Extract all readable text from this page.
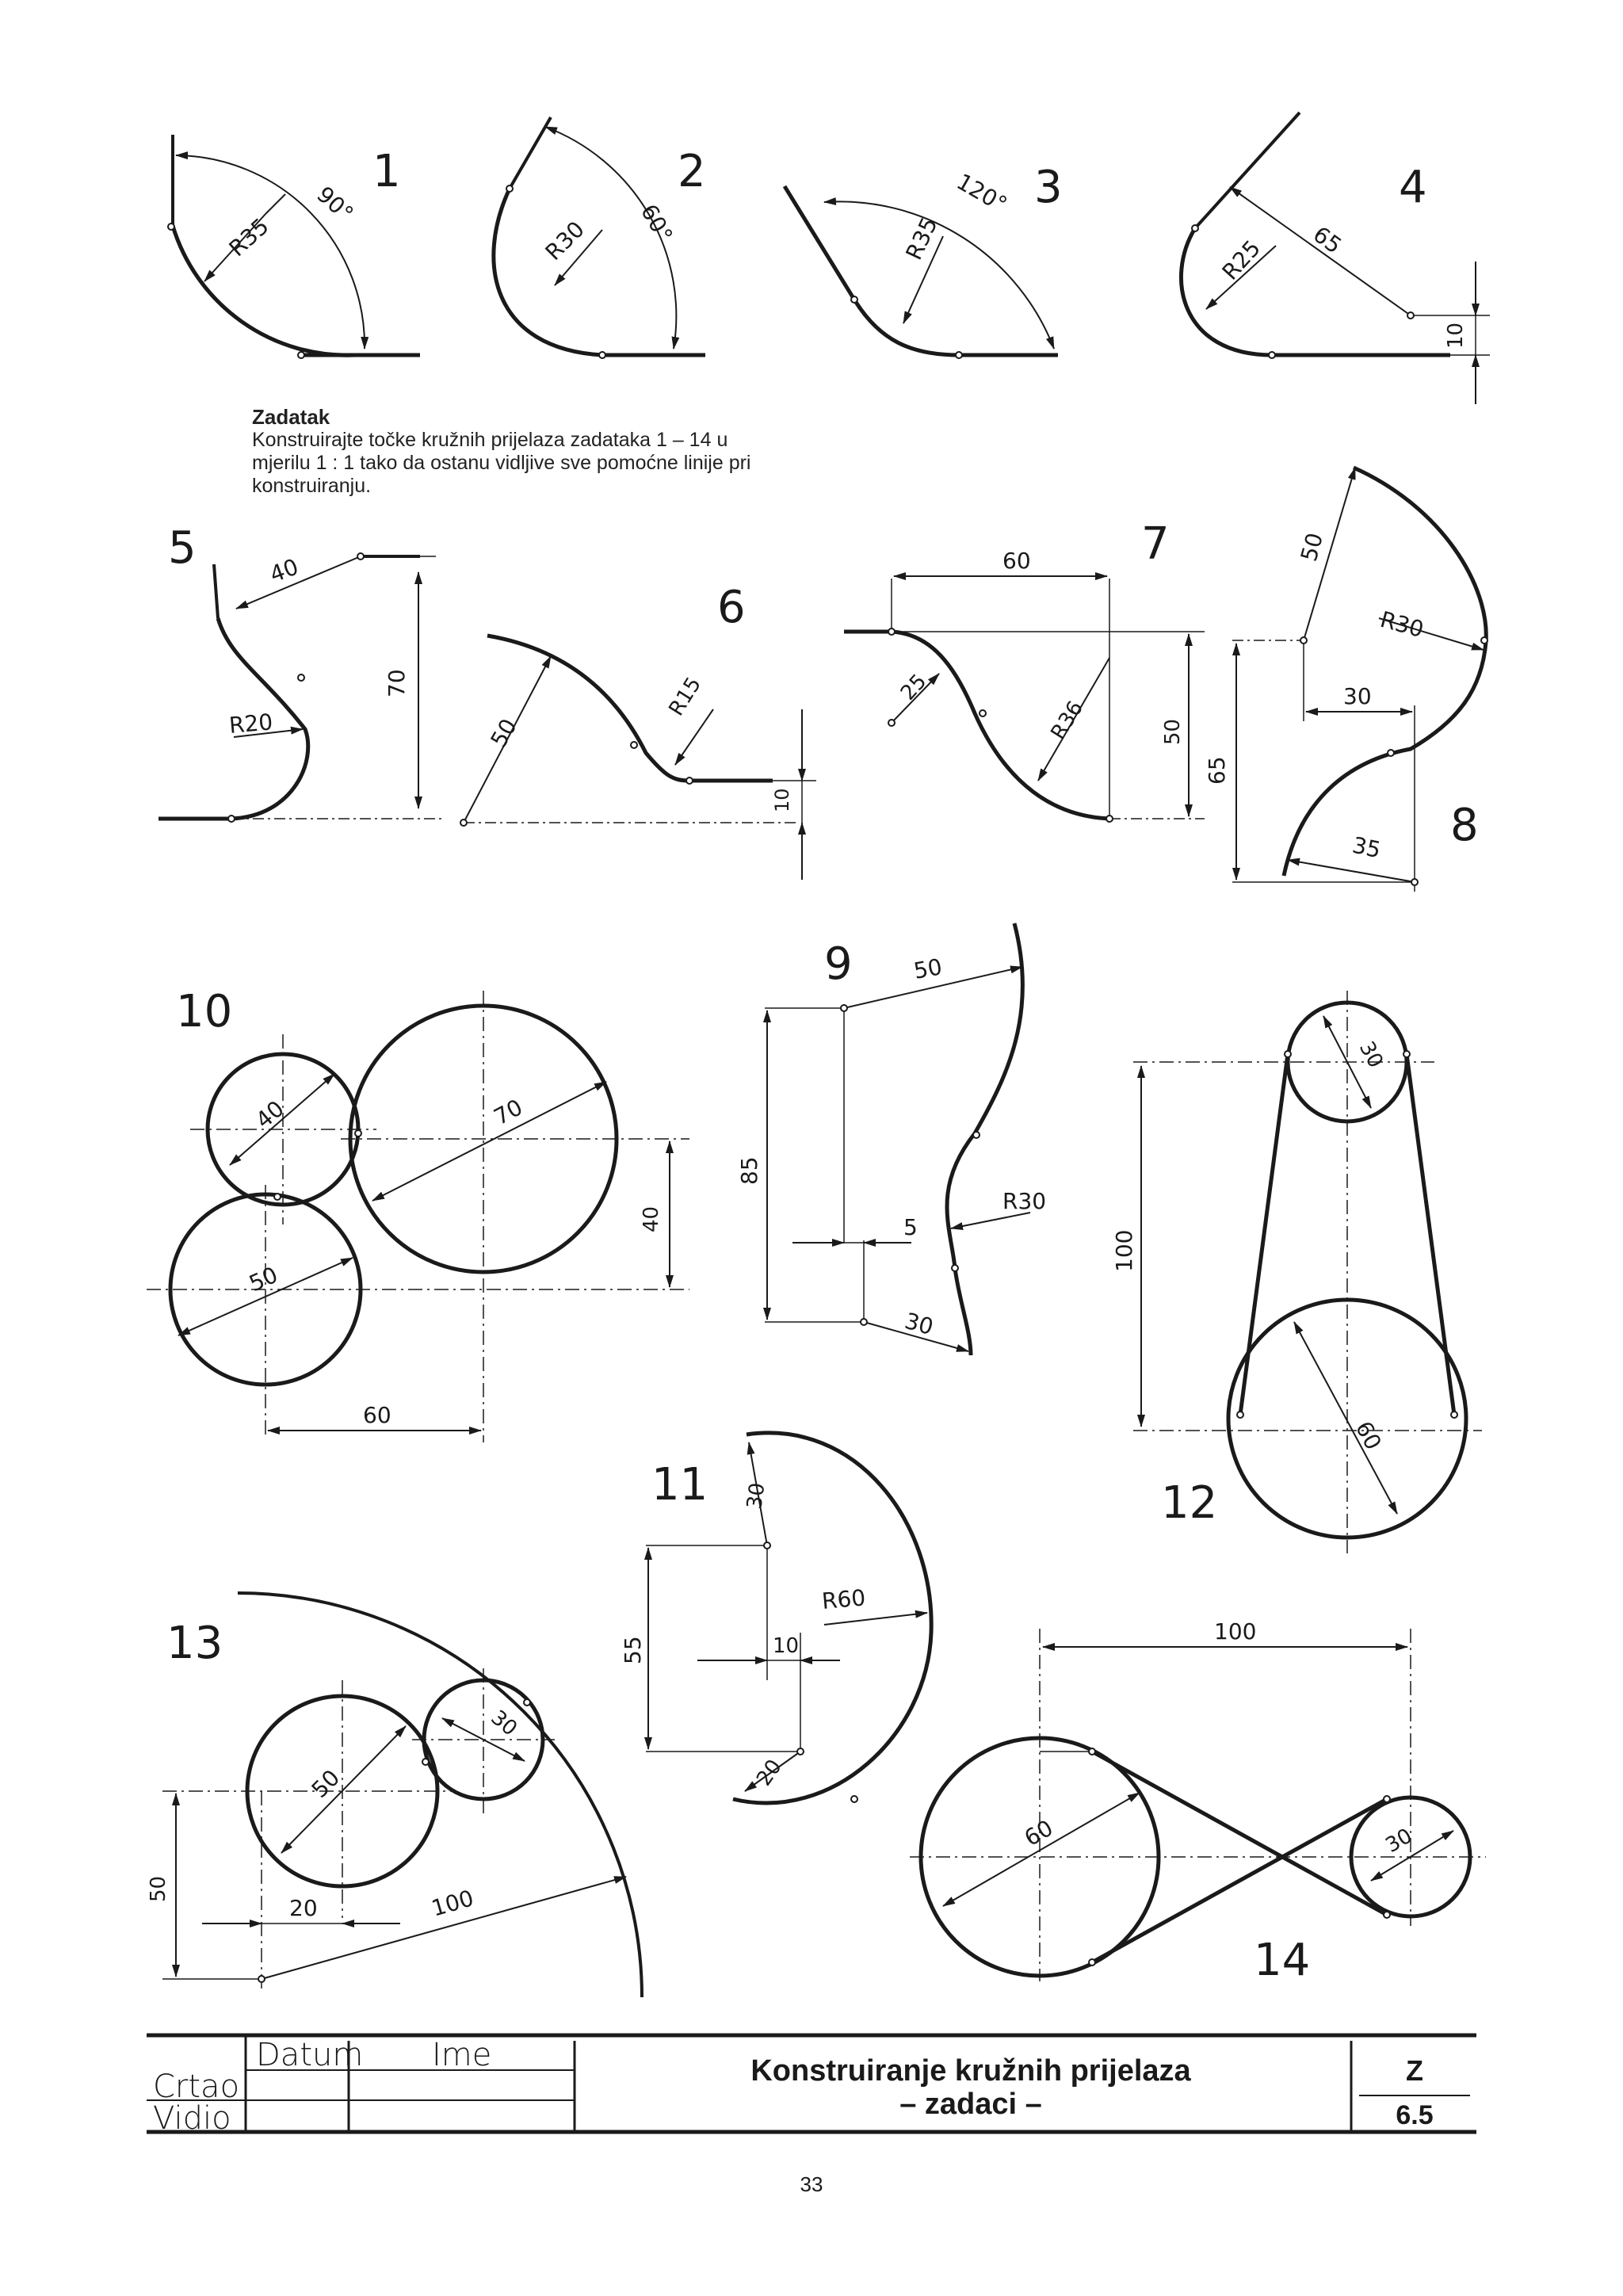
1
R35
90°
2
R30 60°
3
R35
120°	4
R25 65
10
5	40
R20
70
6
50
R15
10
7
60
25
R36	50
8
50
R30
30
65
35
9	50
85
5
R30
30
10
40	70
50
40
60
11 30
R60
55	10
20
12
30
100
60
13
50
30
50
20	100
100
60	30
14
Datum Ime
Crtao
Vidio
Konstruiranje kružnih prijelaza
– zadaci –
Z
6.5
33
Zadatak
Konstruirajte točke kružnih prijelaza zadataka 1 – 14 u mjerilu 1 : 1 tako da ostanu vidljive sve pomoćne linije pri konstruiranju.
